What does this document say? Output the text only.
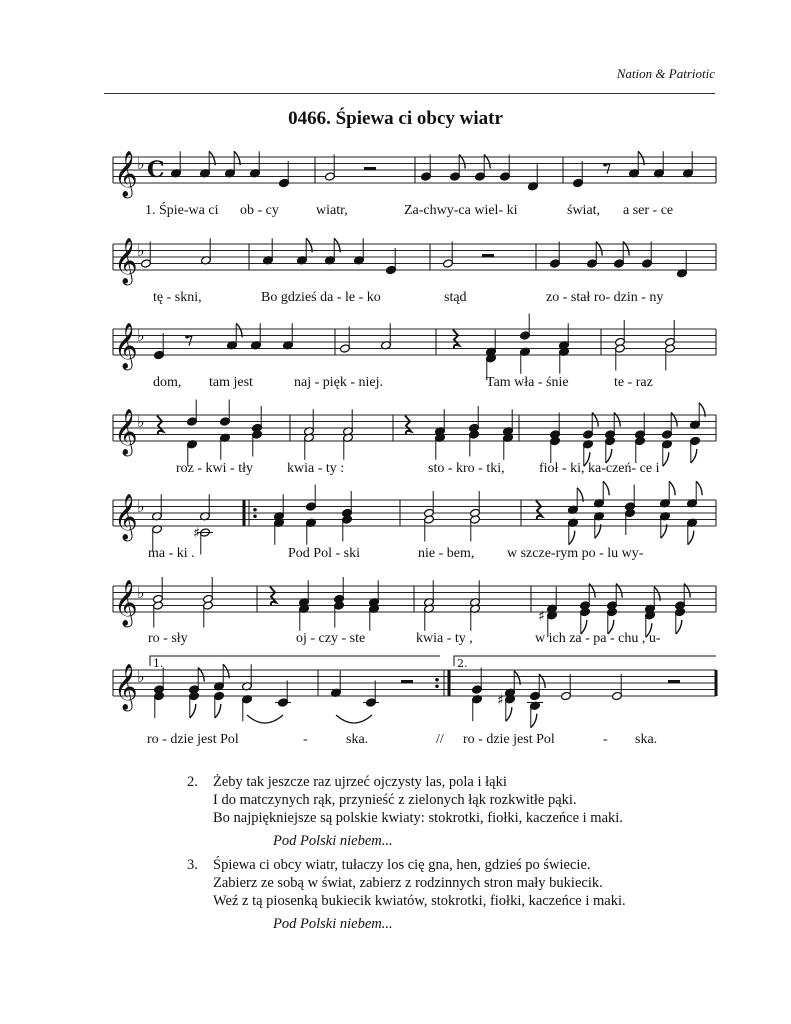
Nation & Patriotic
0466. Śpiewa ci obcy wiatr
𝄞 ♭
𝄞 ♭
𝄞 ♭
𝄞 ♭
𝄞 ♭
♯
𝄞 ♭
♯
𝄞 ♭
1.	2.
♯
C
1. Śpie-wa ci ob - cy	wiatr,	Za-chwy-ca wiel- ki	świat, a ser - ce
tę - skni,	Bo gdzieś da - le - ko	stąd	zo - stał ro- dzin - ny
dom, tam jest	naj - pięk - niej.	Tam wła - śnie	te - raz
roz - kwi - tły kwia - ty :	sto - kro - tki, fioł - ki, ka-czeń- ce i
ma - ki .	Pod Pol - ski	nie - bem, w szcze-rym po - lu wy-
ro - sły	oj - czy - ste	kwia - ty ,	w ich za - pa - chu , u-
ro - dzie jest Pol	-	ska.	// ro - dzie jest Pol	- ska.
2. Żeby tak jeszcze raz ujrzeć ojczysty las, pola i łąki
I do matczynych rąk, przynieść z zielonych łąk rozkwitłe pąki.
Bo najpiękniejsze są polskie kwiaty: stokrotki, fiołki, kaczeńce i maki.
Pod Polski niebem...
3. Śpiewa ci obcy wiatr, tułaczy los cię gna, hen, gdzieś po świecie.
Zabierz ze sobą w świat, zabierz z rodzinnych stron mały bukiecik.
Weź z tą piosenką bukiecik kwiatów, stokrotki, fiołki, kaczeńce i maki.
Pod Polski niebem...
